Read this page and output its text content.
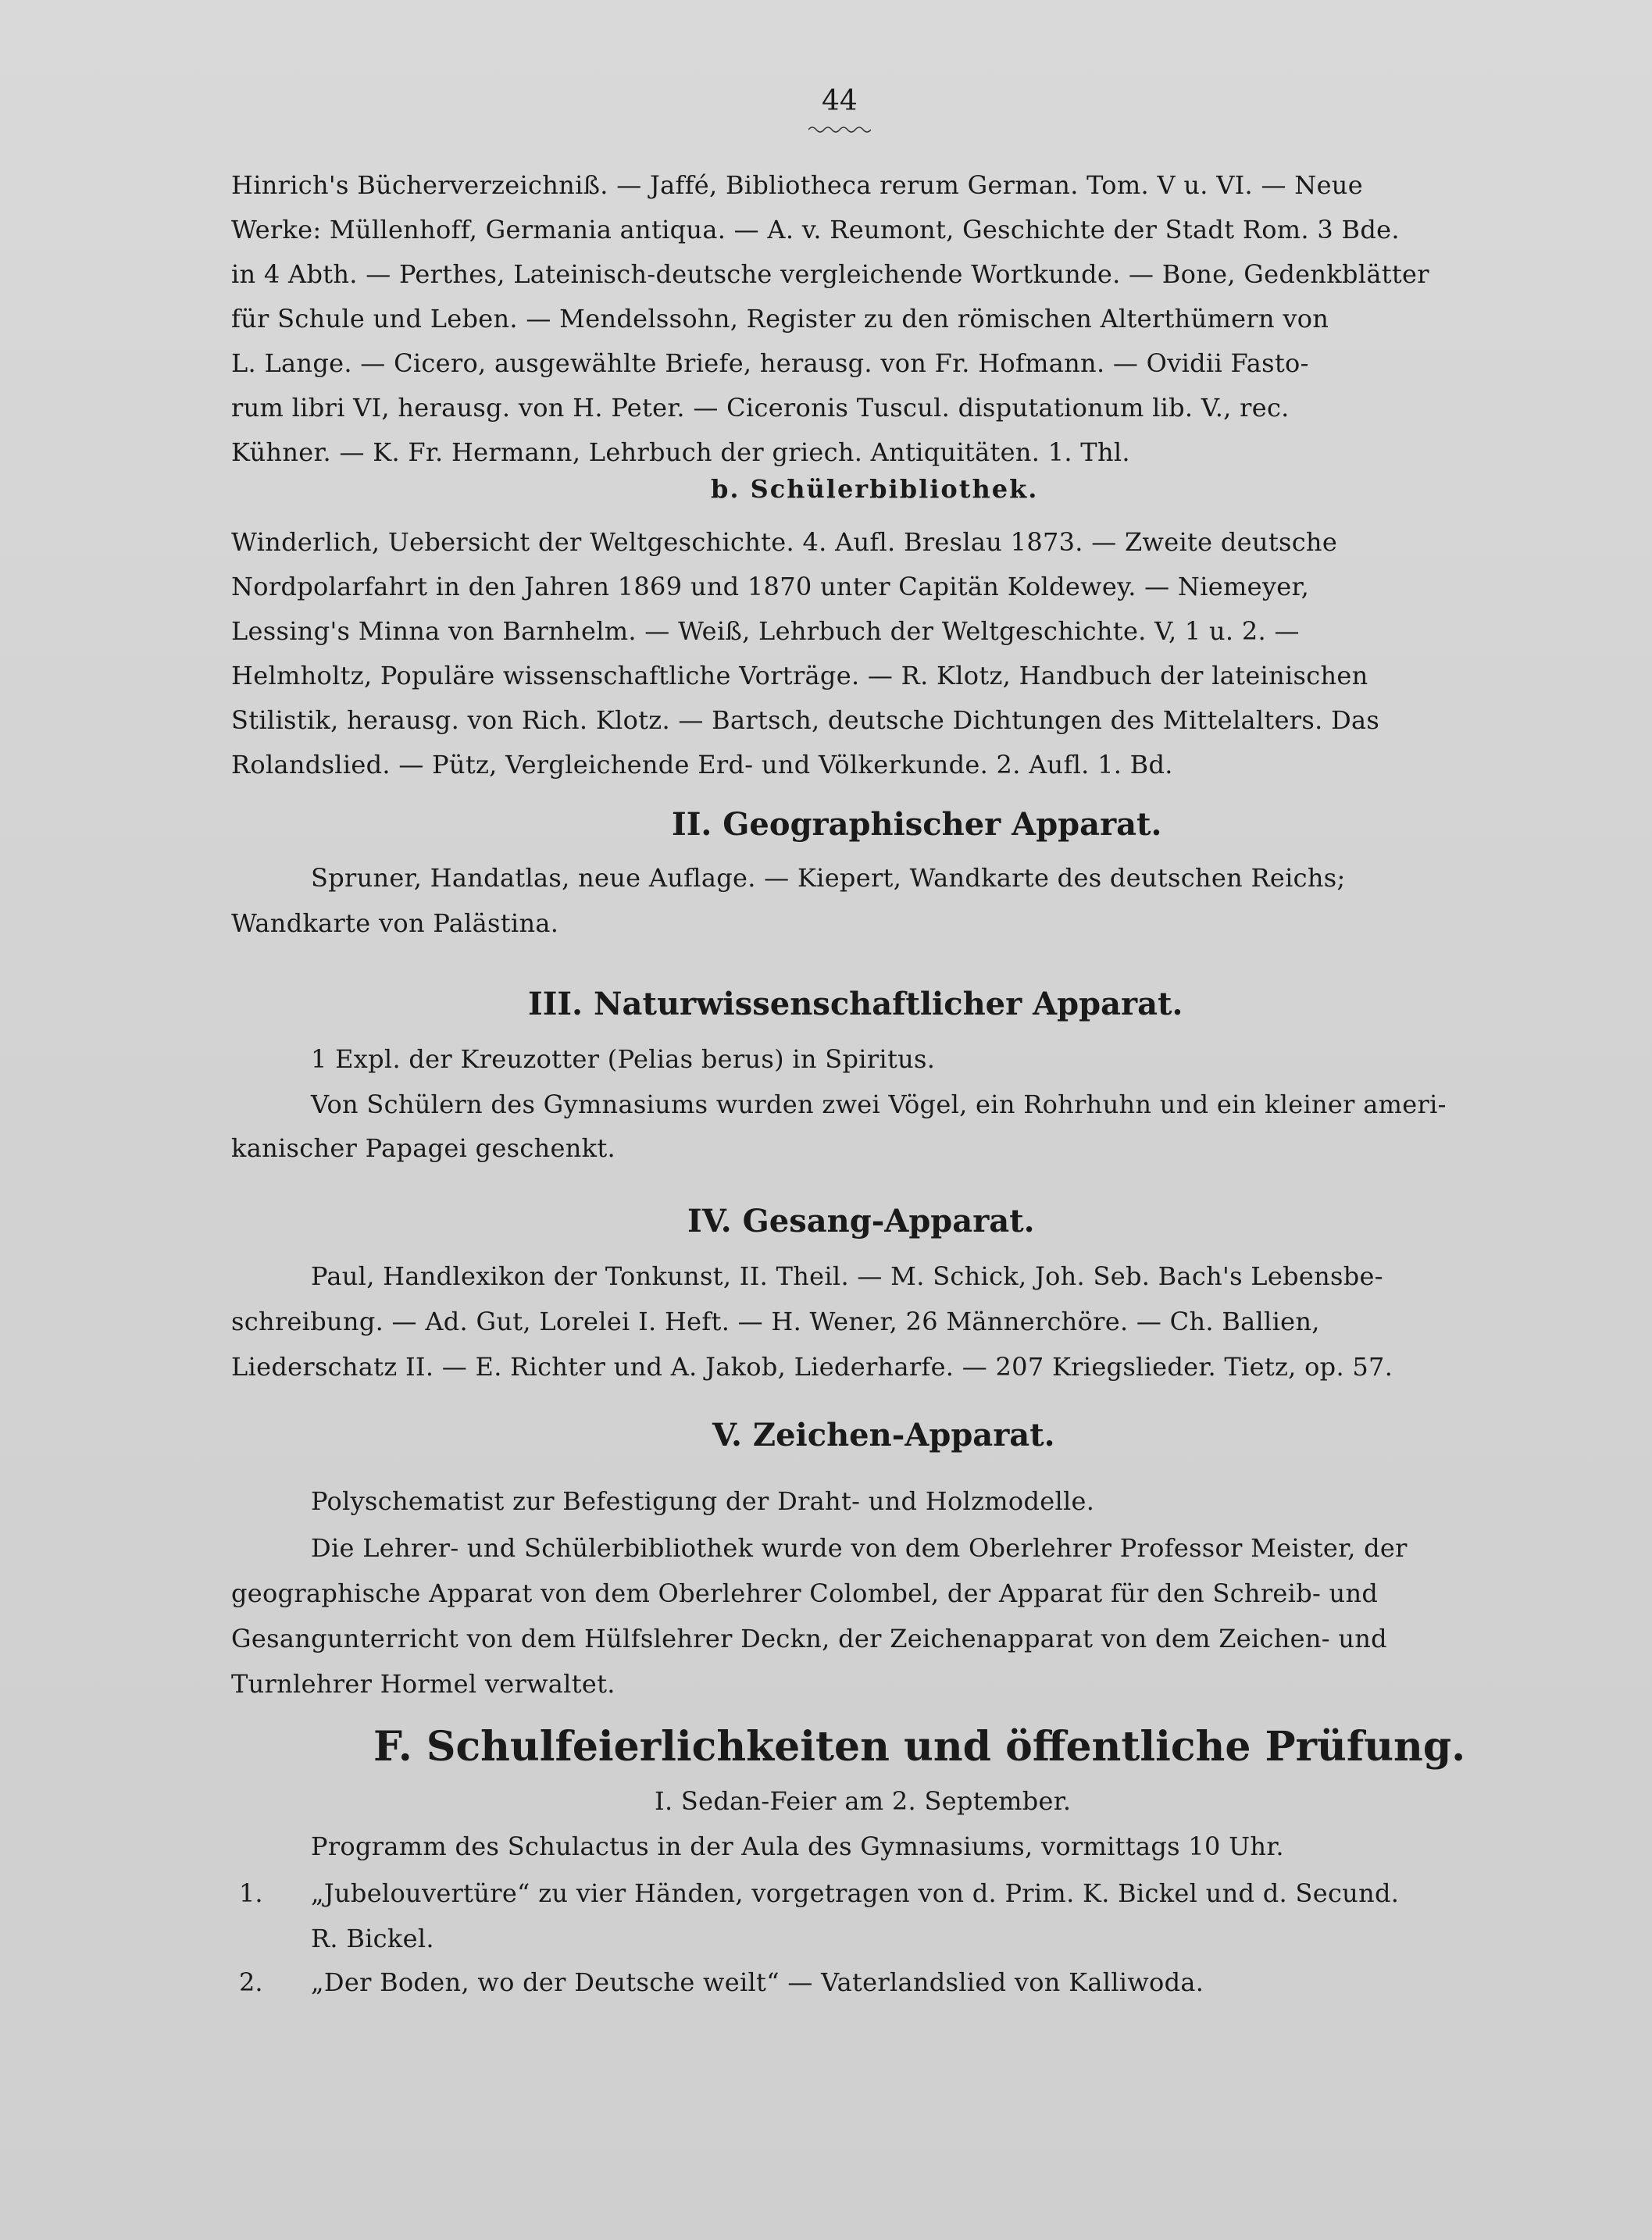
44
Hinrich's Bücherverzeichniß. — Jaffé, Bibliotheca rerum German. Tom. V u. VI. — Neue
Werke: Müllenhoff, Germania antiqua. — A. v. Reumont, Geschichte der Stadt Rom. 3 Bde.
in 4 Abth. — Perthes, Lateinisch-deutsche vergleichende Wortkunde. — Bone, Gedenkblätter
für Schule und Leben. — Mendelssohn, Register zu den römischen Alterthümern von
L. Lange. — Cicero, ausgewählte Briefe, herausg. von Fr. Hofmann. — Ovidii Fasto-
rum libri VI, herausg. von H. Peter. — Ciceronis Tuscul. disputationum lib. V., rec.
Kühner. — K. Fr. Hermann, Lehrbuch der griech. Antiquitäten. 1. Thl.
b. Schülerbibliothek.
Winderlich, Uebersicht der Weltgeschichte. 4. Aufl. Breslau 1873. — Zweite deutsche
Nordpolarfahrt in den Jahren 1869 und 1870 unter Capitän Koldewey. — Niemeyer,
Lessing's Minna von Barnhelm. — Weiß, Lehrbuch der Weltgeschichte. V, 1 u. 2. —
Helmholtz, Populäre wissenschaftliche Vorträge. — R. Klotz, Handbuch der lateinischen
Stilistik, herausg. von Rich. Klotz. — Bartsch, deutsche Dichtungen des Mittelalters. Das
Rolandslied. — Pütz, Vergleichende Erd- und Völkerkunde. 2. Aufl. 1. Bd.
II. Geographischer Apparat.
Spruner, Handatlas, neue Auflage. — Kiepert, Wandkarte des deutschen Reichs;
Wandkarte von Palästina.
III. Naturwissenschaftlicher Apparat.
1 Expl. der Kreuzotter (Pelias berus) in Spiritus.
Von Schülern des Gymnasiums wurden zwei Vögel, ein Rohrhuhn und ein kleiner ameri-
kanischer Papagei geschenkt.
IV. Gesang-Apparat.
Paul, Handlexikon der Tonkunst, II. Theil. — M. Schick, Joh. Seb. Bach's Lebensbe-
schreibung. — Ad. Gut, Lorelei I. Heft. — H. Wener, 26 Männerchöre. — Ch. Ballien,
Liederschatz II. — E. Richter und A. Jakob, Liederharfe. — 207 Kriegslieder. Tietz, op. 57.
V. Zeichen-Apparat.
Polyschematist zur Befestigung der Draht- und Holzmodelle.
Die Lehrer- und Schülerbibliothek wurde von dem Oberlehrer Professor Meister, der
geographische Apparat von dem Oberlehrer Colombel, der Apparat für den Schreib- und
Gesangunterricht von dem Hülfslehrer Deckn, der Zeichenapparat von dem Zeichen- und
Turnlehrer Hormel verwaltet.
F. Schulfeierlichkeiten und öffentliche Prüfung.
I. Sedan-Feier am 2. September.
Programm des Schulactus in der Aula des Gymnasiums, vormittags 10 Uhr.
1. „Jubelouvertüre“ zu vier Händen, vorgetragen von d. Prim. K. Bickel und d. Secund.
R. Bickel.
2. „Der Boden, wo der Deutsche weilt“ — Vaterlandslied von Kalliwoda.
